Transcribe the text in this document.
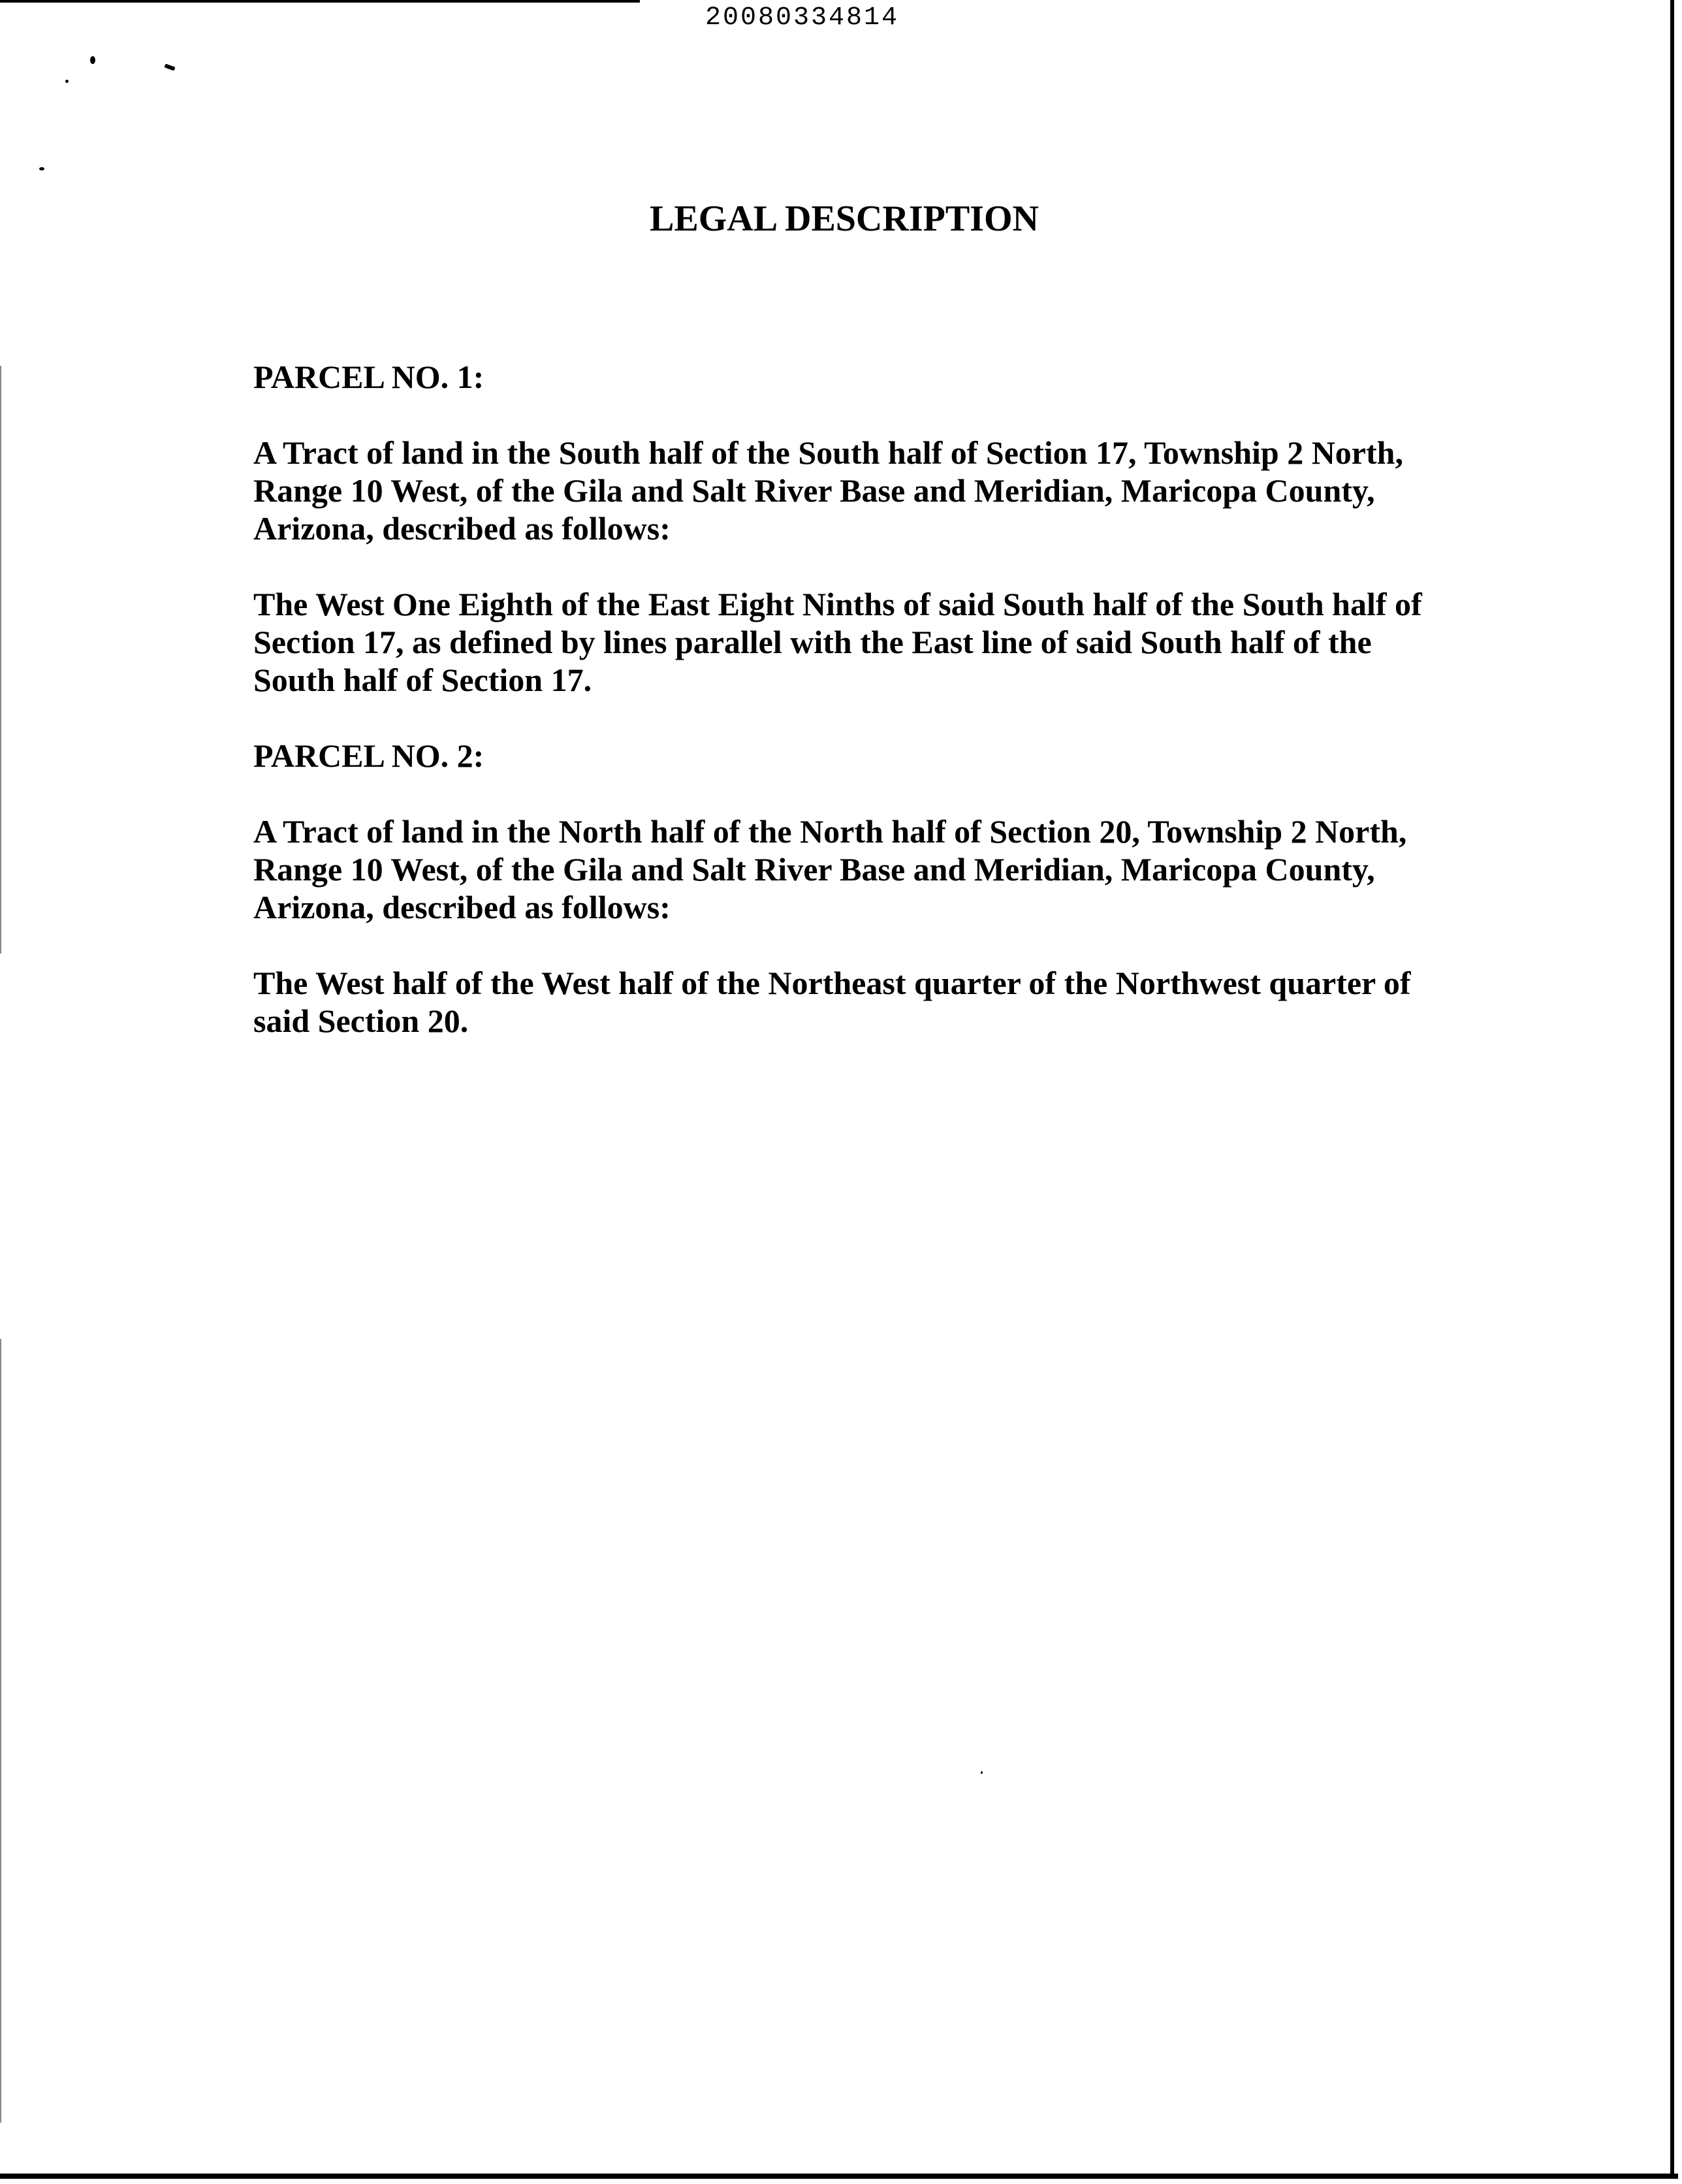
20080334814
LEGAL DESCRIPTION

PARCEL NO. 1:

A Tract of land in the South half of the South half of Section 17, Township 2 North,
Range 10 West, of the Gila and Salt River Base and Meridian, Maricopa County,
Arizona, described as follows:

The West One Eighth of the East Eight Ninths of said South half of the South half of
Section 17, as defined by lines parallel with the East line of said South half of the
South half of Section 17.

PARCEL NO. 2:

A Tract of land in the North half of the North half of Section 20, Township 2 North,
Range 10 West, of the Gila and Salt River Base and Meridian, Maricopa County,
Arizona, described as follows:

The West half of the West half of the Northeast quarter of the Northwest quarter of
said Section 20.
